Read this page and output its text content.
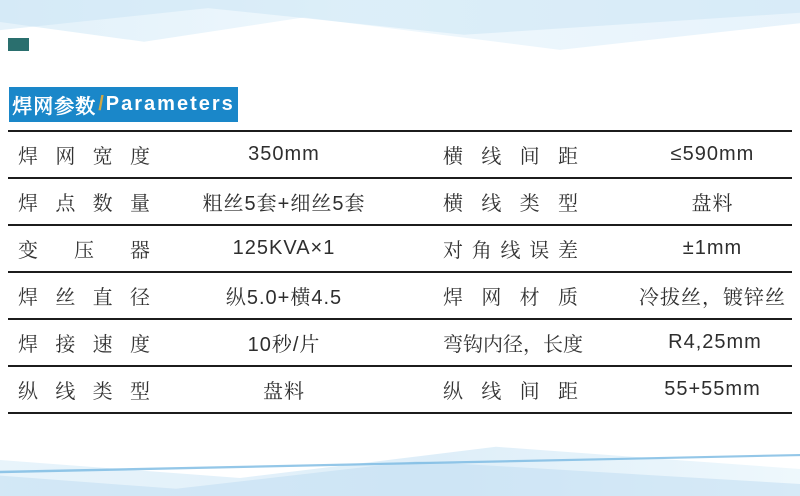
焊网参数 / Parameters
焊网宽度	350mm	横线间距	≤590mm
焊点数量	粗丝5套+细丝5套	横线类型	盘料
变压器	125KVA×1	对角线误差	±1mm
焊丝直径	纵5.0+横4.5	焊网材质	冷拔丝，镀锌丝
焊接速度	10秒/片	弯钩内径，长度	R4,25mm
纵线类型	盘料	纵线间距	55+55mm
